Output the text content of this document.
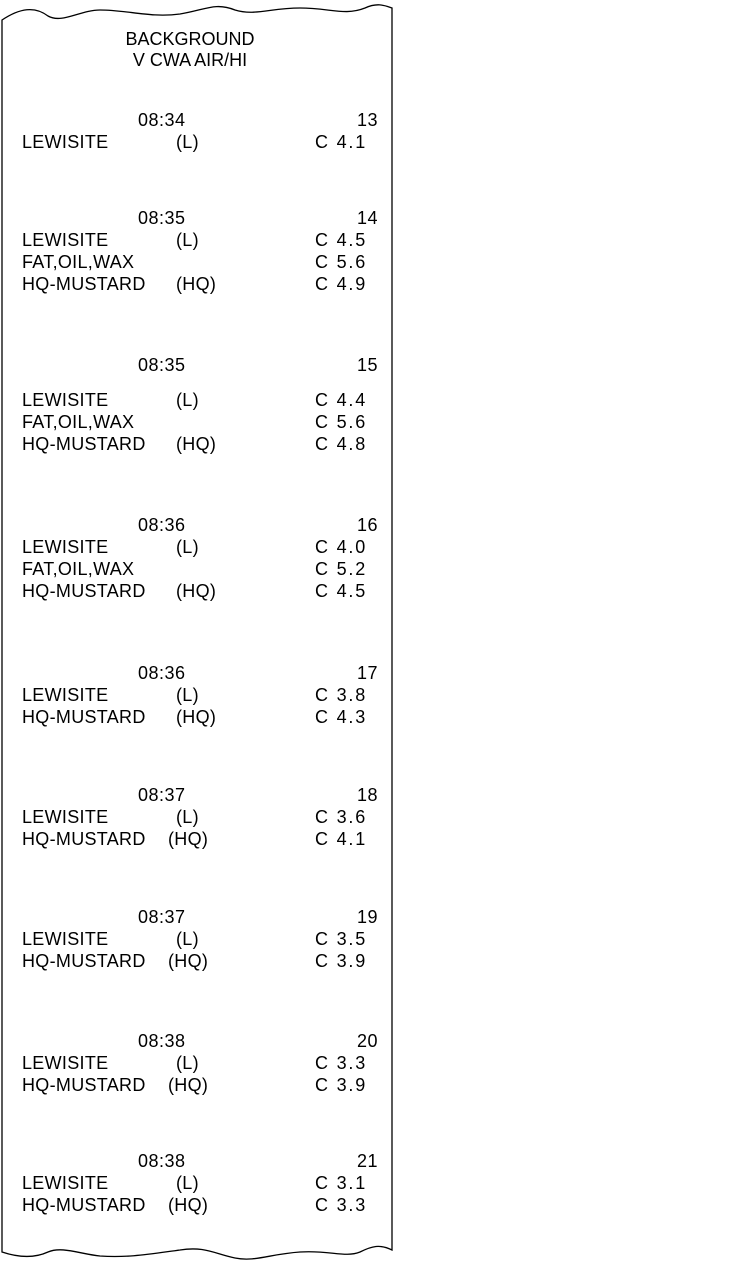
BACKGROUND
V CWA AIR/HI
08:34	13
LEWISITE	(L)	C 4.1
08:35	14
LEWISITE	(L)	C 4.5
FAT,OIL,WAX	C 5.6
HQ-MUSTARD (HQ)	C 4.9
08:35	15
LEWISITE	(L)	C 4.4
FAT,OIL,WAX	C 5.6
HQ-MUSTARD (HQ)	C 4.8
08:36	16
LEWISITE	(L)	C 4.0
FAT,OIL,WAX	C 5.2
HQ-MUSTARD (HQ)	C 4.5
08:36	17
LEWISITE	(L)	C 3.8
HQ-MUSTARD (HQ)	C 4.3
08:37	18
LEWISITE	(L)	C 3.6
HQ-MUSTARD (HQ)	C 4.1
08:37	19
LEWISITE	(L)	C 3.5
HQ-MUSTARD (HQ)	C 3.9
08:38	20
LEWISITE	(L)	C 3.3
HQ-MUSTARD (HQ)	C 3.9
08:38	21
LEWISITE	(L)	C 3.1
HQ-MUSTARD (HQ)	C 3.3
